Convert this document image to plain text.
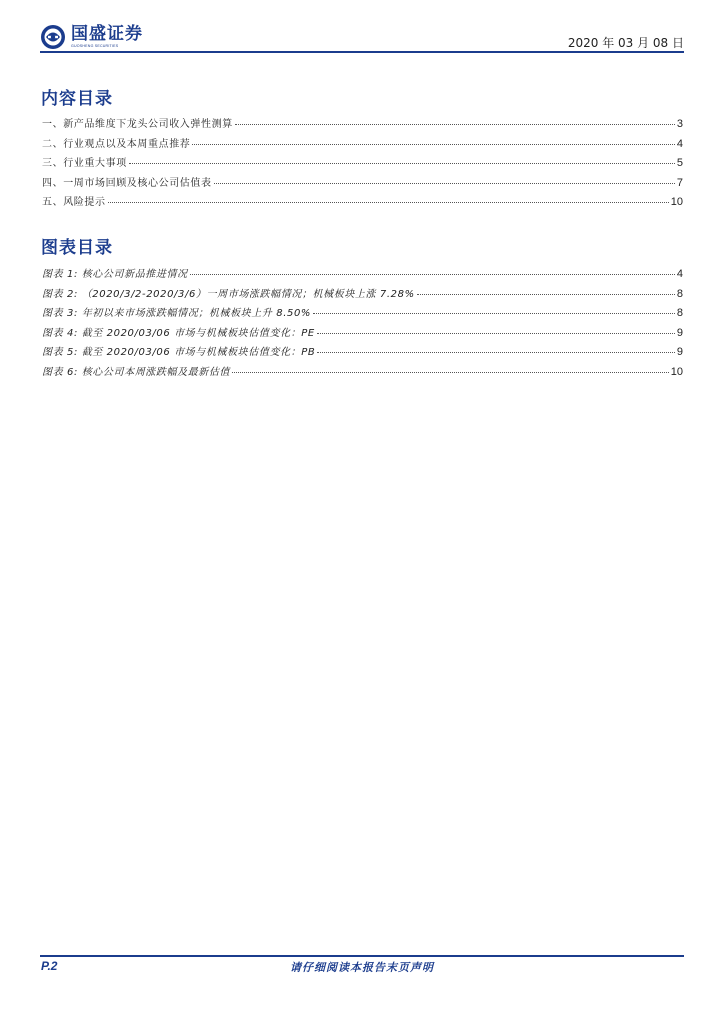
国盛证券
GUOSHENG SECURITIES	2020 年 03 月 08 日
内容目录
一、新产品维度下龙头公司收入弹性测算	3
二、行业观点以及本周重点推荐	4
三、行业重大事项	5
四、一周市场回顾及核心公司估值表	7
五、风险提示	10
图表目录
图表 1: 核心公司新品推进情况	4
图表 2: （2020/3/2-2020/3/6）一周市场涨跌幅情况；机械板块上涨 7.28%	8
图表 3: 年初以来市场涨跌幅情况；机械板块上升 8.50%	8
图表 4: 截至 2020/03/06 市场与机械板块估值变化：PE	9
图表 5: 截至 2020/03/06 市场与机械板块估值变化：PB	9
图表 6: 核心公司本周涨跌幅及最新估值	10
P.2	请仔细阅读本报告末页声明
